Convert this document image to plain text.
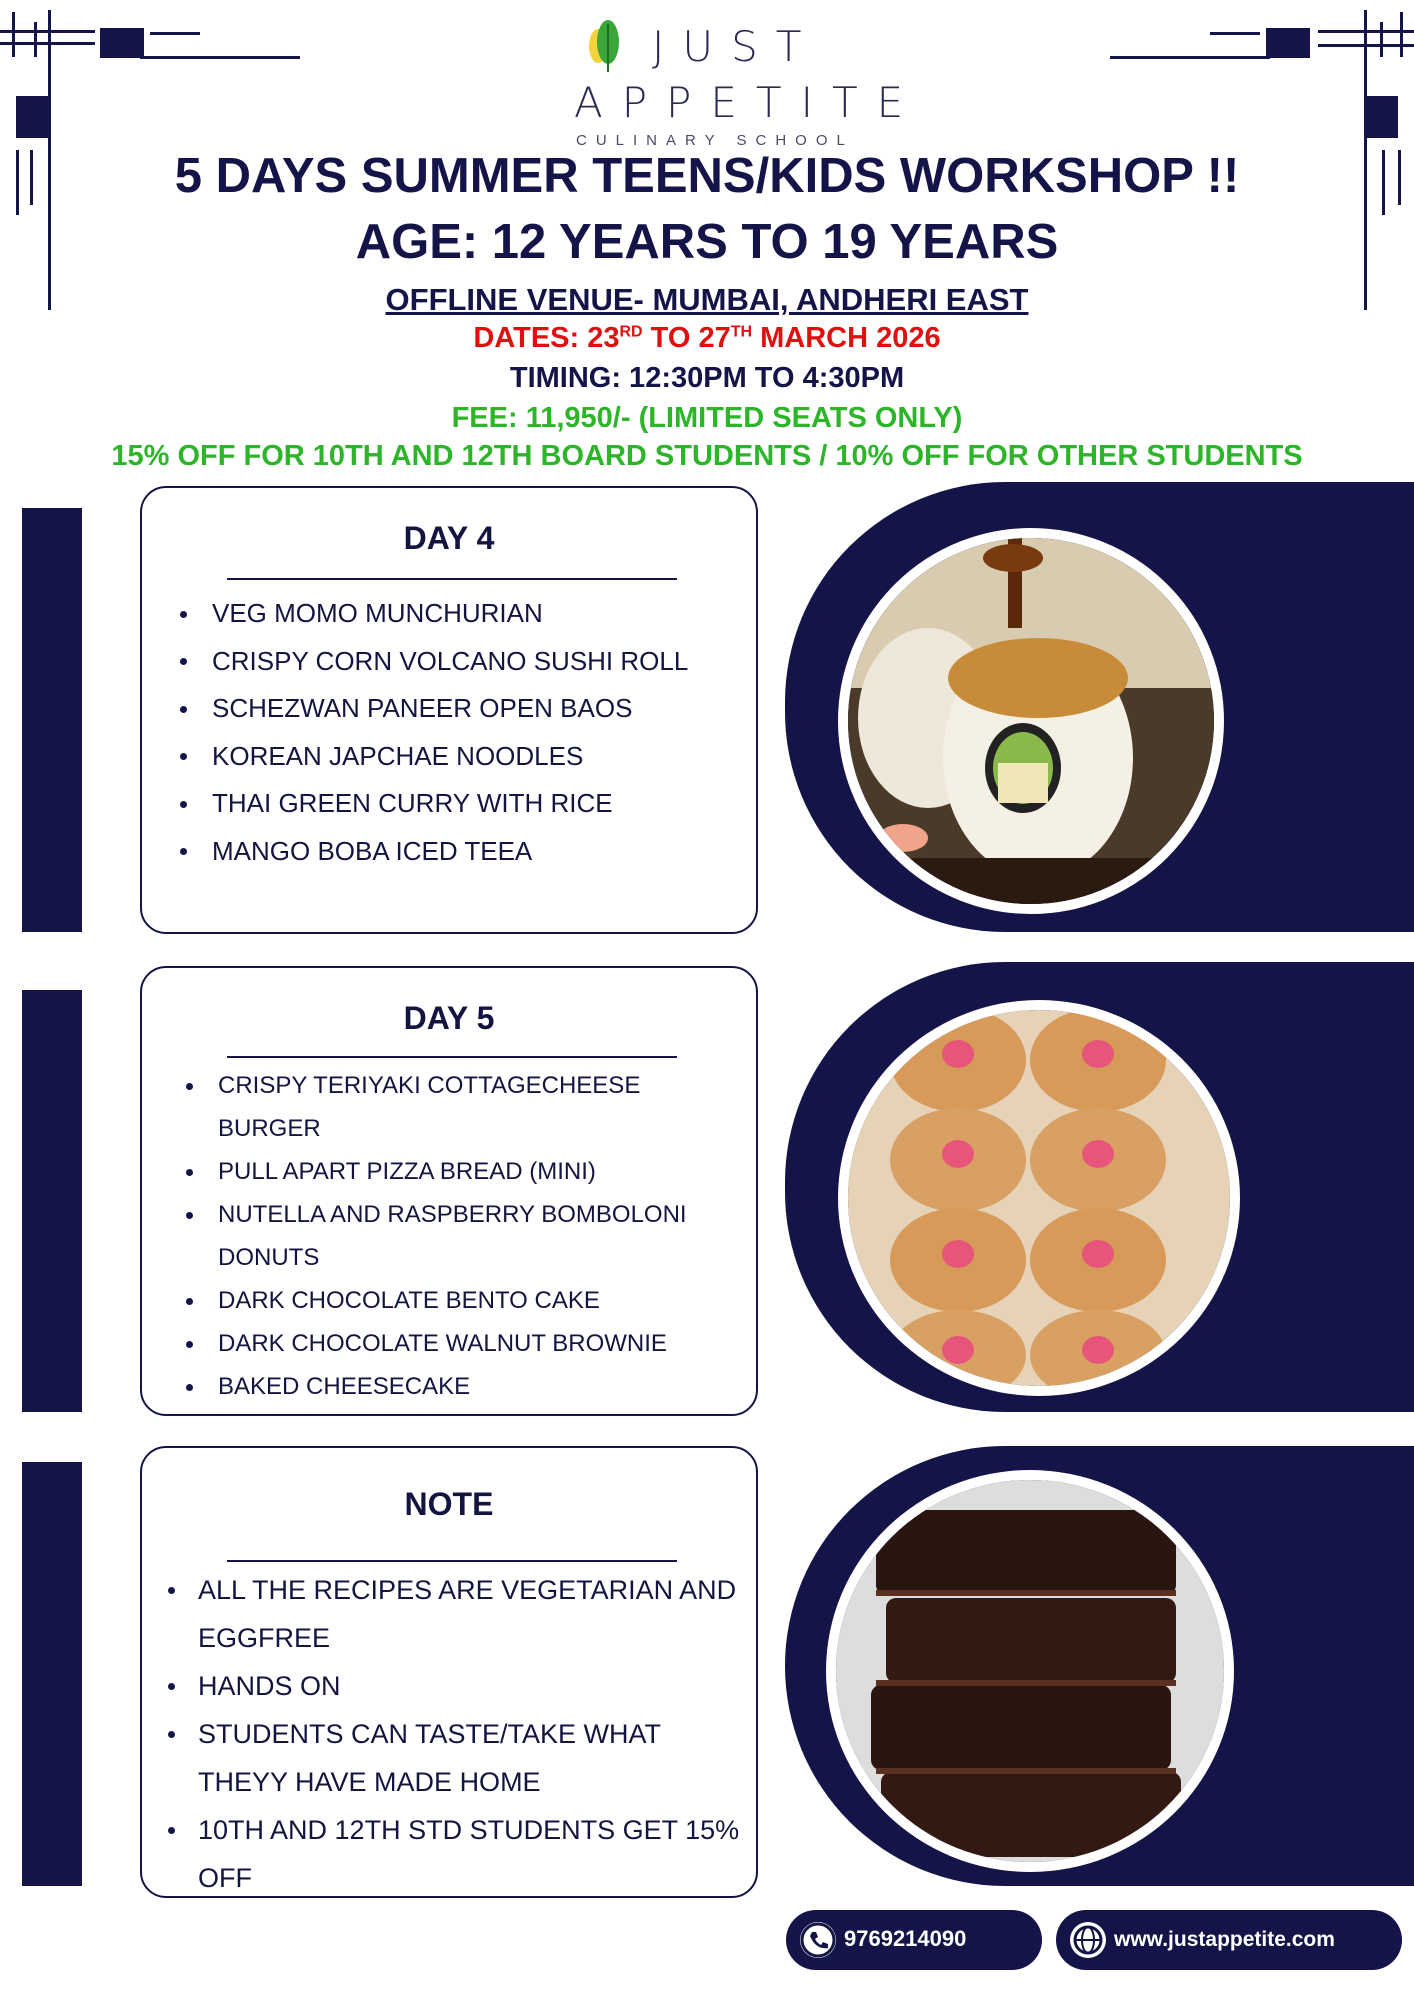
JUST
APPETITE
CULINARY SCHOOL
5 DAYS SUMMER TEENS/KIDS WORKSHOP !!
AGE: 12 YEARS TO 19 YEARS
OFFLINE VENUE- MUMBAI, ANDHERI EAST
DATES: 23RD TO 27TH MARCH 2026
TIMING: 12:30PM TO 4:30PM
FEE: 11,950/- (LIMITED SEATS ONLY)
15% OFF FOR 10TH AND 12TH BOARD STUDENTS / 10% OFF FOR OTHER STUDENTS
DAY 4
VEG MOMO MUNCHURIAN
CRISPY CORN VOLCANO SUSHI ROLL
SCHEZWAN PANEER OPEN BAOS
KOREAN JAPCHAE NOODLES
THAI GREEN CURRY WITH RICE
MANGO BOBA ICED TEEA
DAY 5
CRISPY TERIYAKI COTTAGECHEESE
BURGER
PULL APART PIZZA BREAD (MINI)
NUTELLA AND RASPBERRY BOMBOLONI
DONUTS
DARK CHOCOLATE BENTO CAKE
DARK CHOCOLATE WALNUT BROWNIE
BAKED CHEESECAKE
NOTE
ALL THE RECIPES ARE VEGETARIAN AND
EGGFREE
HANDS ON
STUDENTS CAN TASTE/TAKE WHAT
THEYY HAVE MADE HOME
10TH AND 12TH STD STUDENTS GET 15%
OFF
9769214090	www.justappetite.com
